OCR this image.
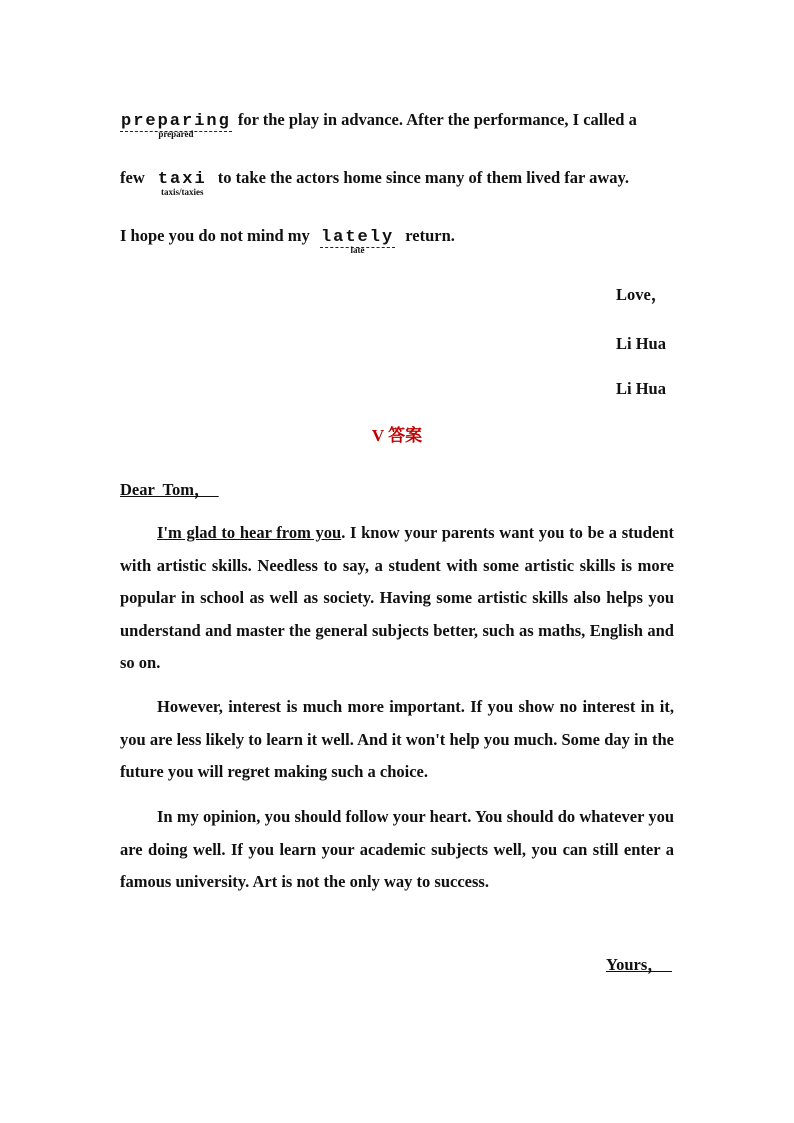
preparing
prepared
for the play in advance. After the performance, I called a
few taxi
taxis/taxies
to take the actors home since many of them lived far away.
I hope you do not mind my lately
late
return.
Love，
Li Hua
Li Hua
V 答案
Dear  Tom，

I'm glad to hear from you. I know your parents want you to be a student with artistic skills. Needless to say, a student with some artistic skills is more popular in school as well as society. Having some artistic skills also helps you understand and master the general subjects better, such as maths, English and so on.

However, interest is much more important. If you show no interest in it, you are less likely to learn it well. And it won't help you much. Some day in the future you will regret making such a choice.

In my opinion, you should follow your heart. You should do whatever you are doing well. If you learn your academic subjects well, you can still enter a famous university. Art is not the only way to success.

Yours，
